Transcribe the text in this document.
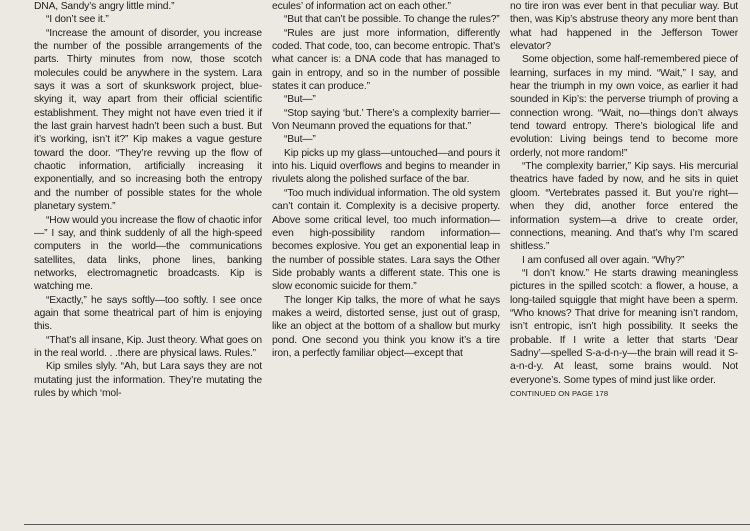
DNA, Sandy’s angry little mind.”

“I don’t see it.”

“Increase the amount of disorder, you increase the number of the possible arrangements of the parts. Thirty minutes from now, those scotch molecules could be anywhere in the system. Lara says it was a sort of skunkswork project, blue-skying it, way apart from their official scientific establishment. They might not have even tried it if the last grain harvest hadn’t been such a bust. But it’s working, isn’t it?” Kip makes a vague gesture toward the door. “They’re revving up the flow of chaotic information, artificially increasing it exponentially, and so increasing both the entropy and the number of possible states for the whole planetary system.”

“How would you increase the flow of chaotic infor—” I say, and think suddenly of all the high-speed computers in the world—the communications satellites, data links, phone lines, banking networks, electromagnetic broadcasts. Kip is watching me.

“Exactly,” he says softly—too softly. I see once again that some theatrical part of him is enjoying this.

“That’s all insane, Kip. Just theory. What goes on in the real world. . .there are physical laws. Rules.”

Kip smiles slyly. “Ah, but Lara says they are not mutating just the information. They’re mutating the rules by which ‘mol-

ecules’ of information act on each other.”

“But that can’t be possible. To change the rules?”

“Rules are just more information, differently coded. That code, too, can become entropic. That’s what cancer is: a DNA code that has managed to gain in entropy, and so in the number of possible states it can produce.”

“But—”

“Stop saying ‘but.’ There’s a complexity barrier—Von Neumann proved the equations for that.”

“But—”

Kip picks up my glass—untouched—and pours it into his. Liquid overflows and begins to meander in rivulets along the polished surface of the bar.

“Too much individual information. The old system can’t contain it. Complexity is a decisive property. Above some critical level, too much information—even high-possibility random information—becomes explosive. You get an exponential leap in the number of possible states. Lara says the Other Side probably wants a different state. This one is slow economic suicide for them.”

The longer Kip talks, the more of what he says makes a weird, distorted sense, just out of grasp, like an object at the bottom of a shallow but murky pond. One second you think you know it’s a tire iron, a perfectly familiar object—except that

no tire iron was ever bent in that peculiar way. But then, was Kip’s abstruse theory any more bent than what had happened in the Jefferson Tower elevator?

Some objection, some half-remembered piece of learning, surfaces in my mind. “Wait,” I say, and hear the triumph in my own voice, as earlier it had sounded in Kip’s: the perverse triumph of proving a connection wrong. “Wait, no—things don’t always tend toward entropy. There’s biological life and evolution: Living beings tend to become more orderly, not more random!”

“The complexity barrier,” Kip says. His mercurial theatrics have faded by now, and he sits in quiet gloom. “Vertebrates passed it. But you’re right—when they did, another force entered the information system—a drive to create order, connections, meaning. And that’s why I’m scared shitless.”

I am confused all over again. “Why?”

“I don’t know.” He starts drawing meaningless pictures in the spilled scotch: a flower, a house, a long-tailed squiggle that might have been a sperm. “Who knows? That drive for meaning isn’t random, isn’t entropic, isn’t high possibility. It seeks the probable. If I write a letter that starts ‘Dear Sadny’—spelled S-a-d-n-y—the brain will read it S-a-n-d-y. At least, some brains would. Not everyone’s. Some types of mind just like order.

CONTINUED ON PAGE 178
